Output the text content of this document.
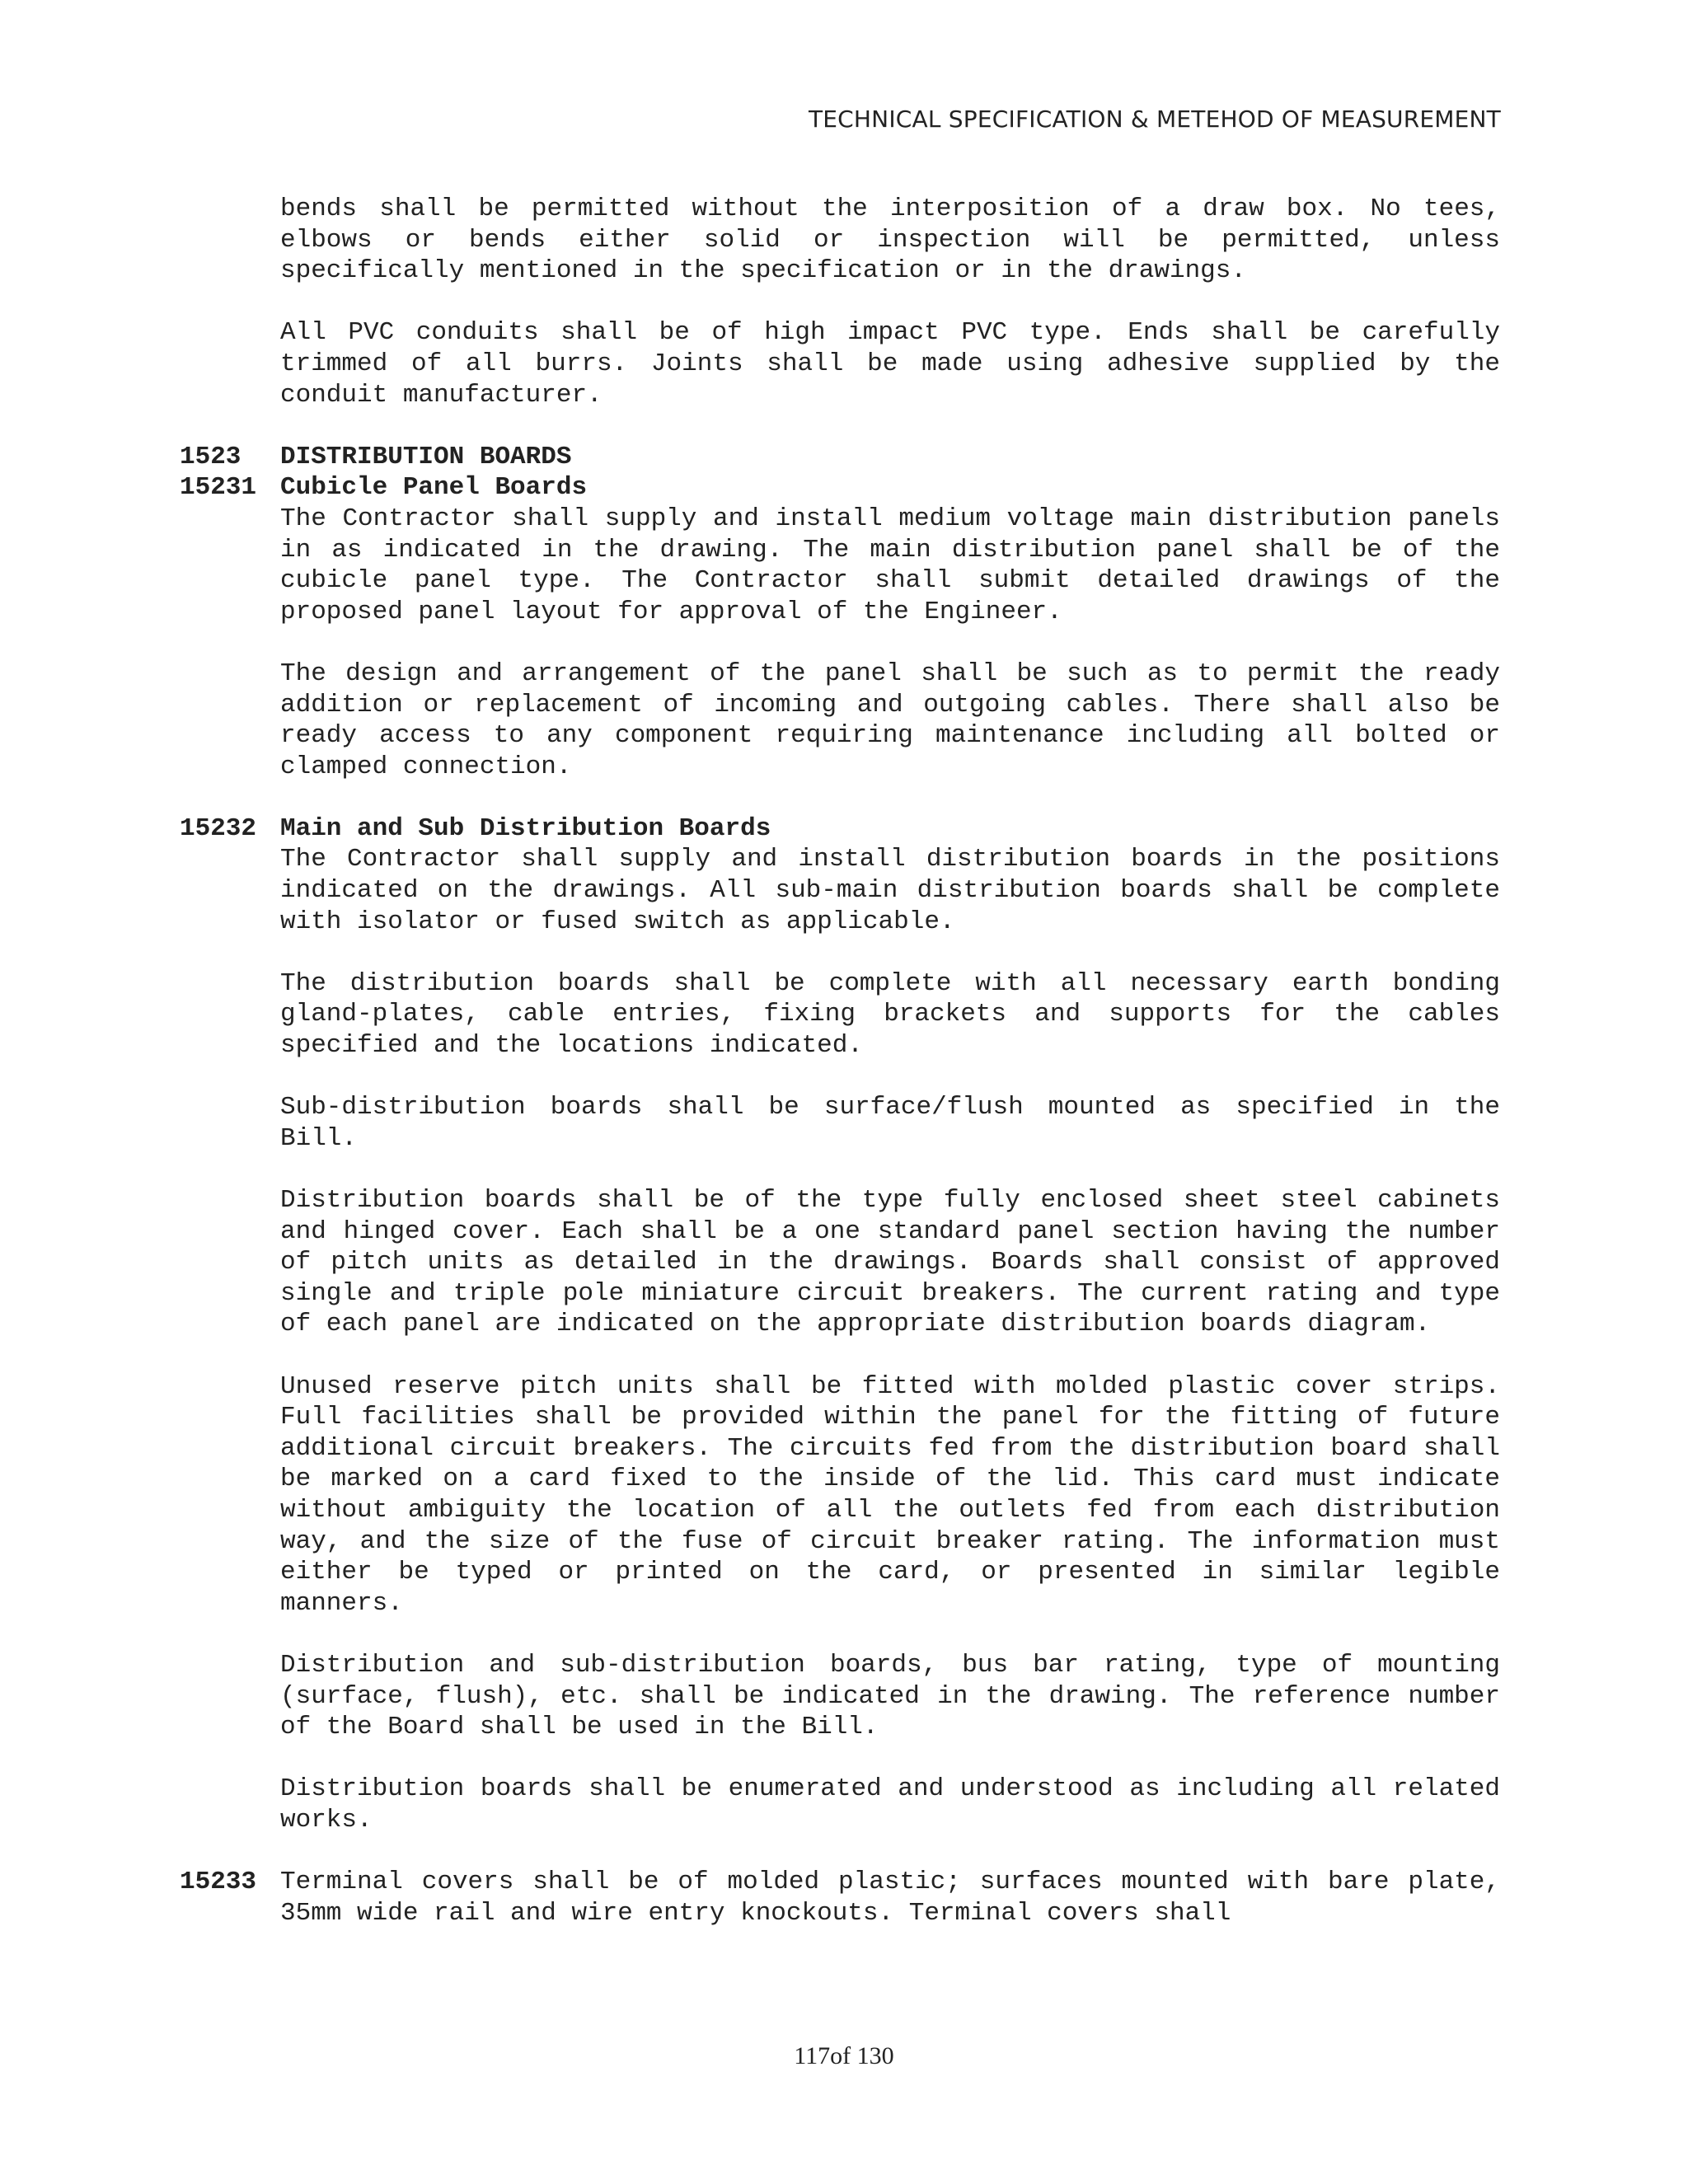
TECHNICAL SPECIFICATION & METEHOD OF MEASUREMENT

bends shall be permitted without the interposition of a draw box. No tees, elbows or bends either solid or inspection will be permitted, unless specifically mentioned in the specification or in the drawings.

All PVC conduits shall be of high impact PVC type. Ends shall be carefully trimmed of all burrs. Joints shall be made using adhesive supplied by the conduit manufacturer.

1523	DISTRIBUTION BOARDS
15231 Cubicle Panel Boards

The Contractor shall supply and install medium voltage main distribution panels in as indicated in the drawing. The main distribution panel shall be of the cubicle panel type. The Contractor shall submit detailed drawings of the proposed panel layout for approval of the Engineer.

The design and arrangement of the panel shall be such as to permit the ready addition or replacement of incoming and outgoing cables. There shall also be ready access to any component requiring maintenance including all bolted or clamped connection.

15232 Main and Sub Distribution Boards

The Contractor shall supply and install distribution boards in the positions indicated on the drawings. All sub-main distribution boards shall be complete with isolator or fused switch as applicable.

The distribution boards shall be complete with all necessary earth bonding gland-plates, cable entries, fixing brackets and supports for the cables specified and the locations indicated.

Sub-distribution boards shall be surface/flush mounted as specified in the Bill.

Distribution boards shall be of the type fully enclosed sheet steel cabinets and hinged cover. Each shall be a one standard panel section having the number of pitch units as detailed in the drawings. Boards shall consist of approved single and triple pole miniature circuit breakers. The current rating and type of each panel are indicated on the appropriate distribution boards diagram.

Unused reserve pitch units shall be fitted with molded plastic cover strips. Full facilities shall be provided within the panel for the fitting of future additional circuit breakers. The circuits fed from the distribution board shall be marked on a card fixed to the inside of the lid. This card must indicate without ambiguity the location of all the outlets fed from each distribution way, and the size of the fuse of circuit breaker rating. The information must either be typed or printed on the card, or presented in similar legible manners.

Distribution and sub-distribution boards, bus bar rating, type of mounting (surface, flush), etc. shall be indicated in the drawing. The reference number of the Board shall be used in the Bill.

Distribution boards shall be enumerated and understood as including all related works.

15233 Terminal covers shall be of molded plastic; surfaces mounted with bare plate, 35mm wide rail and wire entry knockouts. Terminal covers shall
117of 130
